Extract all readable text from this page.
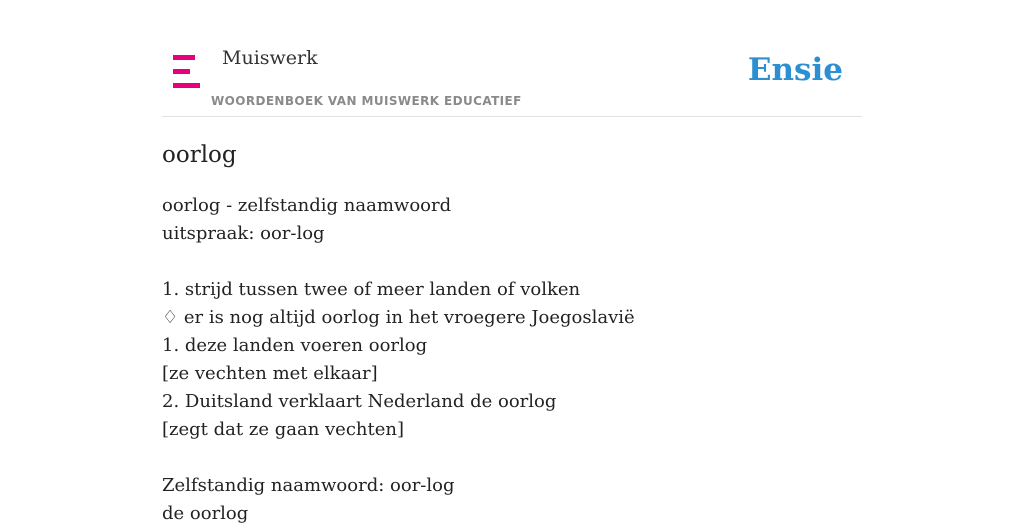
Muiswerk
WOORDENBOEK VAN MUISWERK EDUCATIEF
Ensie
oorlog
oorlog - zelfstandig naamwoord
uitspraak: oor-log
1. strijd tussen twee of meer landen of volken
♢ er is nog altijd oorlog in het vroegere Joegoslavië
1. deze landen voeren oorlog
[ze vechten met elkaar]
2. Duitsland verklaart Nederland de oorlog
[zegt dat ze gaan vechten]
Zelfstandig naamwoord: oor-log
de oorlog
